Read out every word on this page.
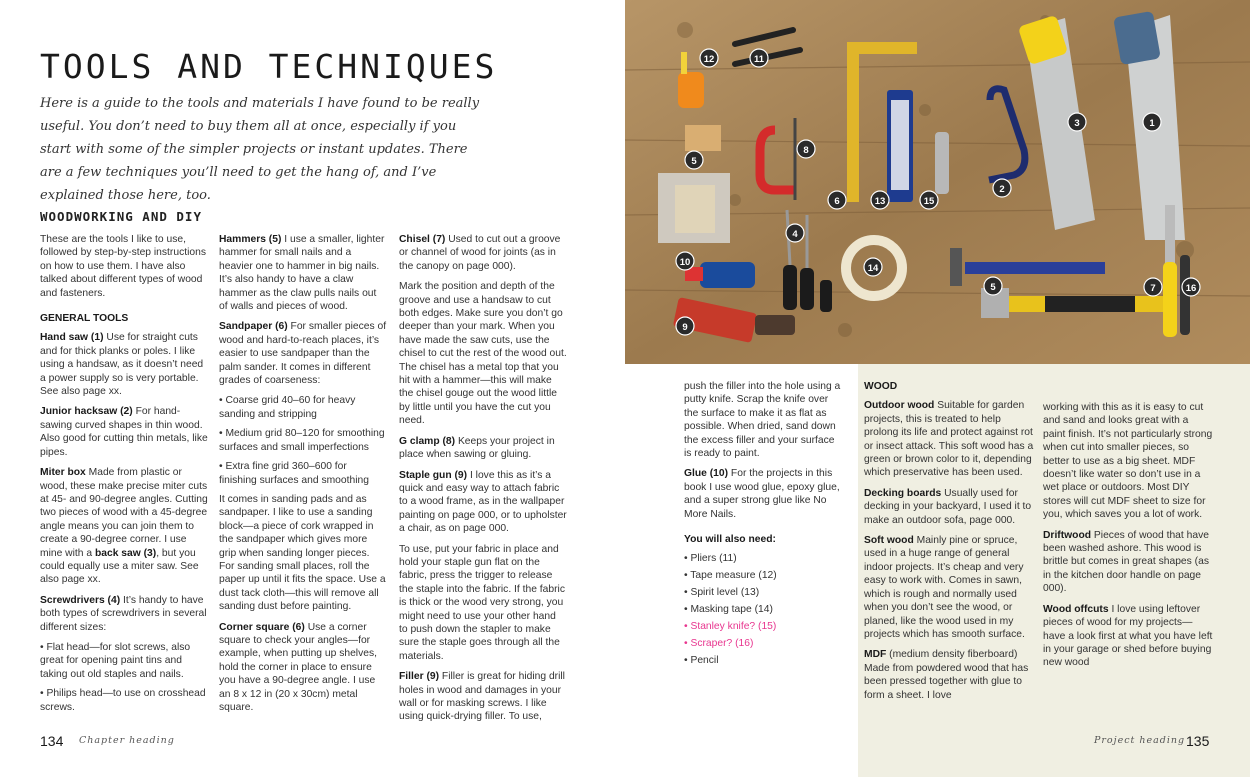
TOOLS AND TECHNIQUES

Here is a guide to the tools and materials I have found to be really useful. You don’t need to buy them all at once, especially if you start with some of the simpler projects or instant updates. There are a few techniques you’ll need to get the hang of, and I’ve explained those here, too.

WOODWORKING AND DIY

These are the tools I like to use, followed by step-by-step instructions on how to use them. I have also talked about different types of wood and fasteners.

GENERAL TOOLS

Hand saw (1) Use for straight cuts and for thick planks or poles. I like using a handsaw, as it doesn’t need a power supply so is very portable. See also page xx.

Junior hacksaw (2) For hand-sawing curved shapes in thin wood. Also good for cutting thin metals, like pipes.

Miter box Made from plastic or wood, these make precise miter cuts at 45- and 90-degree angles. Cutting two pieces of wood with a 45-degree angle means you can join them to create a 90-degree corner. I use mine with a back saw (3), but you could equally use a miter saw. See also page xx.

Screwdrivers (4) It’s handy to have both types of screwdrivers in several different sizes:

• Flat head—for slot screws, also great for opening paint tins and taking out old staples and nails.
• Philips head—to use on crosshead screws.

Hammers (5) I use a smaller, lighter hammer for small nails and a heavier one to hammer in big nails. It’s also handy to have a claw hammer as the claw pulls nails out of walls and pieces of wood.

Sandpaper (6) For smaller pieces of wood and hard-to-reach places, it’s easier to use sandpaper than the palm sander. It comes in different grades of coarseness:

• Coarse grid 40–60 for heavy sanding and stripping
• Medium grid 80–120 for smoothing surfaces and small imperfections
• Extra fine grid 360–600 for finishing surfaces and smoothing

It comes in sanding pads and as sandpaper. I like to use a sanding block—a piece of cork wrapped in the sandpaper which gives more grip when sanding longer pieces. For sanding small places, roll the paper up until it fits the space. Use a dust tack cloth—this will remove all sanding dust before painting.

Corner square (6) Use a corner square to check your angles—for example, when putting up shelves, hold the corner in place to ensure you have a 90-degree angle. I use an 8 x 12 in (20 x 30cm) metal square.

Chisel (7) Used to cut out a groove or channel of wood for joints (as in the canopy on page 000).

Mark the position and depth of the groove and use a handsaw to cut both edges. Make sure you don’t go deeper than your mark. When you have made the saw cuts, use the chisel to cut the rest of the wood out. The chisel has a metal top that you hit with a hammer—this will make the chisel gouge out the wood little by little until you have the cut you need.

G clamp (8) Keeps your project in place when sawing or gluing.

Staple gun (9) I love this as it’s a quick and easy way to attach fabric to a wood frame, as in the wallpaper painting on page 000, or to upholster a chair, as on page 000.

To use, put your fabric in place and hold your staple gun flat on the fabric, press the trigger to release the staple into the fabric. If the fabric is thick or the wood very strong, you might need to use your other hand to push down the stapler to make sure the staple goes through all the materials.

Filler (9) Filler is great for hiding drill holes in wood and damages in your wall or for masking screws. I like using quick-drying filler. To use,

1
2
3
4
5
5
6
7
8
9
10
11
12
13
14
15
16

push the filler into the hole using a putty knife. Scrap the knife over the surface to make it as flat as possible. When dried, sand down the excess filler and your surface is ready to paint.

Glue (10) For the projects in this book I use wood glue, epoxy glue, and a super strong glue like No More Nails.

You will also need:
• Pliers (11)
• Tape measure (12)
• Spirit level (13)
• Masking tape (14)
• Stanley knife? (15)
• Scraper? (16)
• Pencil
WOOD

Outdoor wood Suitable for garden projects, this is treated to help prolong its life and protect against rot or insect attack. This soft wood has a green or brown color to it, depending which preservative has been used.

Decking boards Usually used for decking in your backyard, I used it to make an outdoor sofa, page 000.

Soft wood Mainly pine or spruce, used in a huge range of general indoor projects. It’s cheap and very easy to work with. Comes in sawn, which is rough and normally used when you don’t see the wood, or planed, like the wood used in my projects which has smooth surface.

MDF (medium density fiberboard) Made from powdered wood that has been pressed together with glue to form a sheet. I love

working with this as it is easy to cut and sand and looks great with a paint finish. It’s not particularly strong when cut into smaller pieces, so better to use as a big sheet. MDF doesn’t like water so don’t use in a wet place or outdoors. Most DIY stores will cut MDF sheet to size for you, which saves you a lot of work.

Driftwood Pieces of wood that have been washed ashore. This wood is brittle but comes in great shapes (as in the kitchen door handle on page 000).

Wood offcuts I love using leftover pieces of wood for my projects—have a look first at what you have left in your garage or shed before buying new wood

134 Chapter heading	Project heading 135
